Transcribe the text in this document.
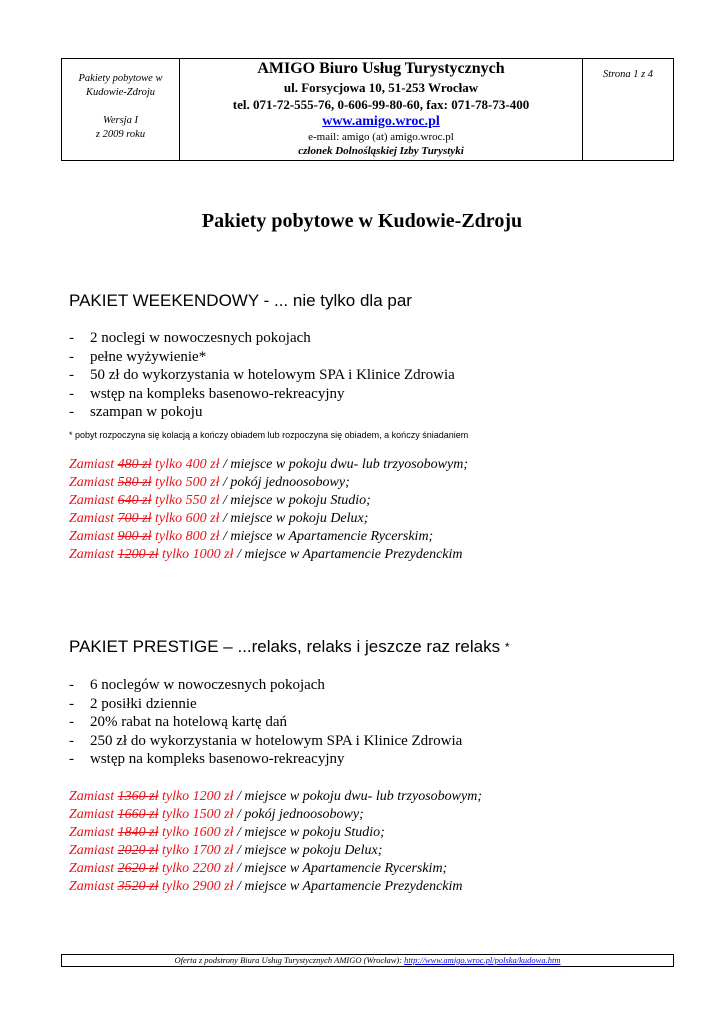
Pakiety pobytowe w
Kudowie-Zdroju
Wersja I
z 2009 roku
AMIGO Biuro Usług Turystycznych
ul. Forsycjowa 10, 51-253 Wrocław
tel. 071-72-555-76, 0-606-99-80-60, fax: 071-78-73-400
www.amigo.wroc.pl
e-mail: amigo (at) amigo.wroc.pl
członek Dolnośląskiej Izby Turystyki
Strona 1 z 4
Pakiety pobytowe w Kudowie-Zdroju
PAKIET WEEKENDOWY - ... nie tylko dla par
- 2 noclegi w nowoczesnych pokojach
- pełne wyżywienie*
- 50 zł do wykorzystania w hotelowym SPA i Klinice Zdrowia
- wstęp na kompleks basenowo-rekreacyjny
- szampan w pokoju
* pobyt rozpoczyna się kolacją a kończy obiadem lub rozpoczyna się obiadem, a kończy śniadaniem
Zamiast 480 zł tylko 400 zł / miejsce w pokoju dwu- lub trzyosobowym;
Zamiast 580 zł tylko 500 zł / pokój jednoosobowy;
Zamiast 640 zł tylko 550 zł / miejsce w pokoju Studio;
Zamiast 700 zł tylko 600 zł / miejsce w pokoju Delux;
Zamiast 900 zł tylko 800 zł / miejsce w Apartamencie Rycerskim;
Zamiast 1200 zł tylko 1000 zł / miejsce w Apartamencie Prezydenckim
PAKIET PRESTIGE – ...relaks, relaks i jeszcze raz relaks *
- 6 noclegów w nowoczesnych pokojach
- 2 posiłki dziennie
- 20% rabat na hotelową kartę dań
- 250 zł do wykorzystania w hotelowym SPA i Klinice Zdrowia
- wstęp na kompleks basenowo-rekreacyjny
Zamiast 1360 zł tylko 1200 zł / miejsce w pokoju dwu- lub trzyosobowym;
Zamiast 1660 zł tylko 1500 zł / pokój jednoosobowy;
Zamiast 1840 zł tylko 1600 zł / miejsce w pokoju Studio;
Zamiast 2020 zł tylko 1700 zł / miejsce w pokoju Delux;
Zamiast 2620 zł tylko 2200 zł / miejsce w Apartamencie Rycerskim;
Zamiast 3520 zł tylko 2900 zł / miejsce w Apartamencie Prezydenckim
Oferta z podstrony Biura Usług Turystycznych AMIGO (Wrocław): http://www.amigo.wroc.pl/polska/kudowa.htm
